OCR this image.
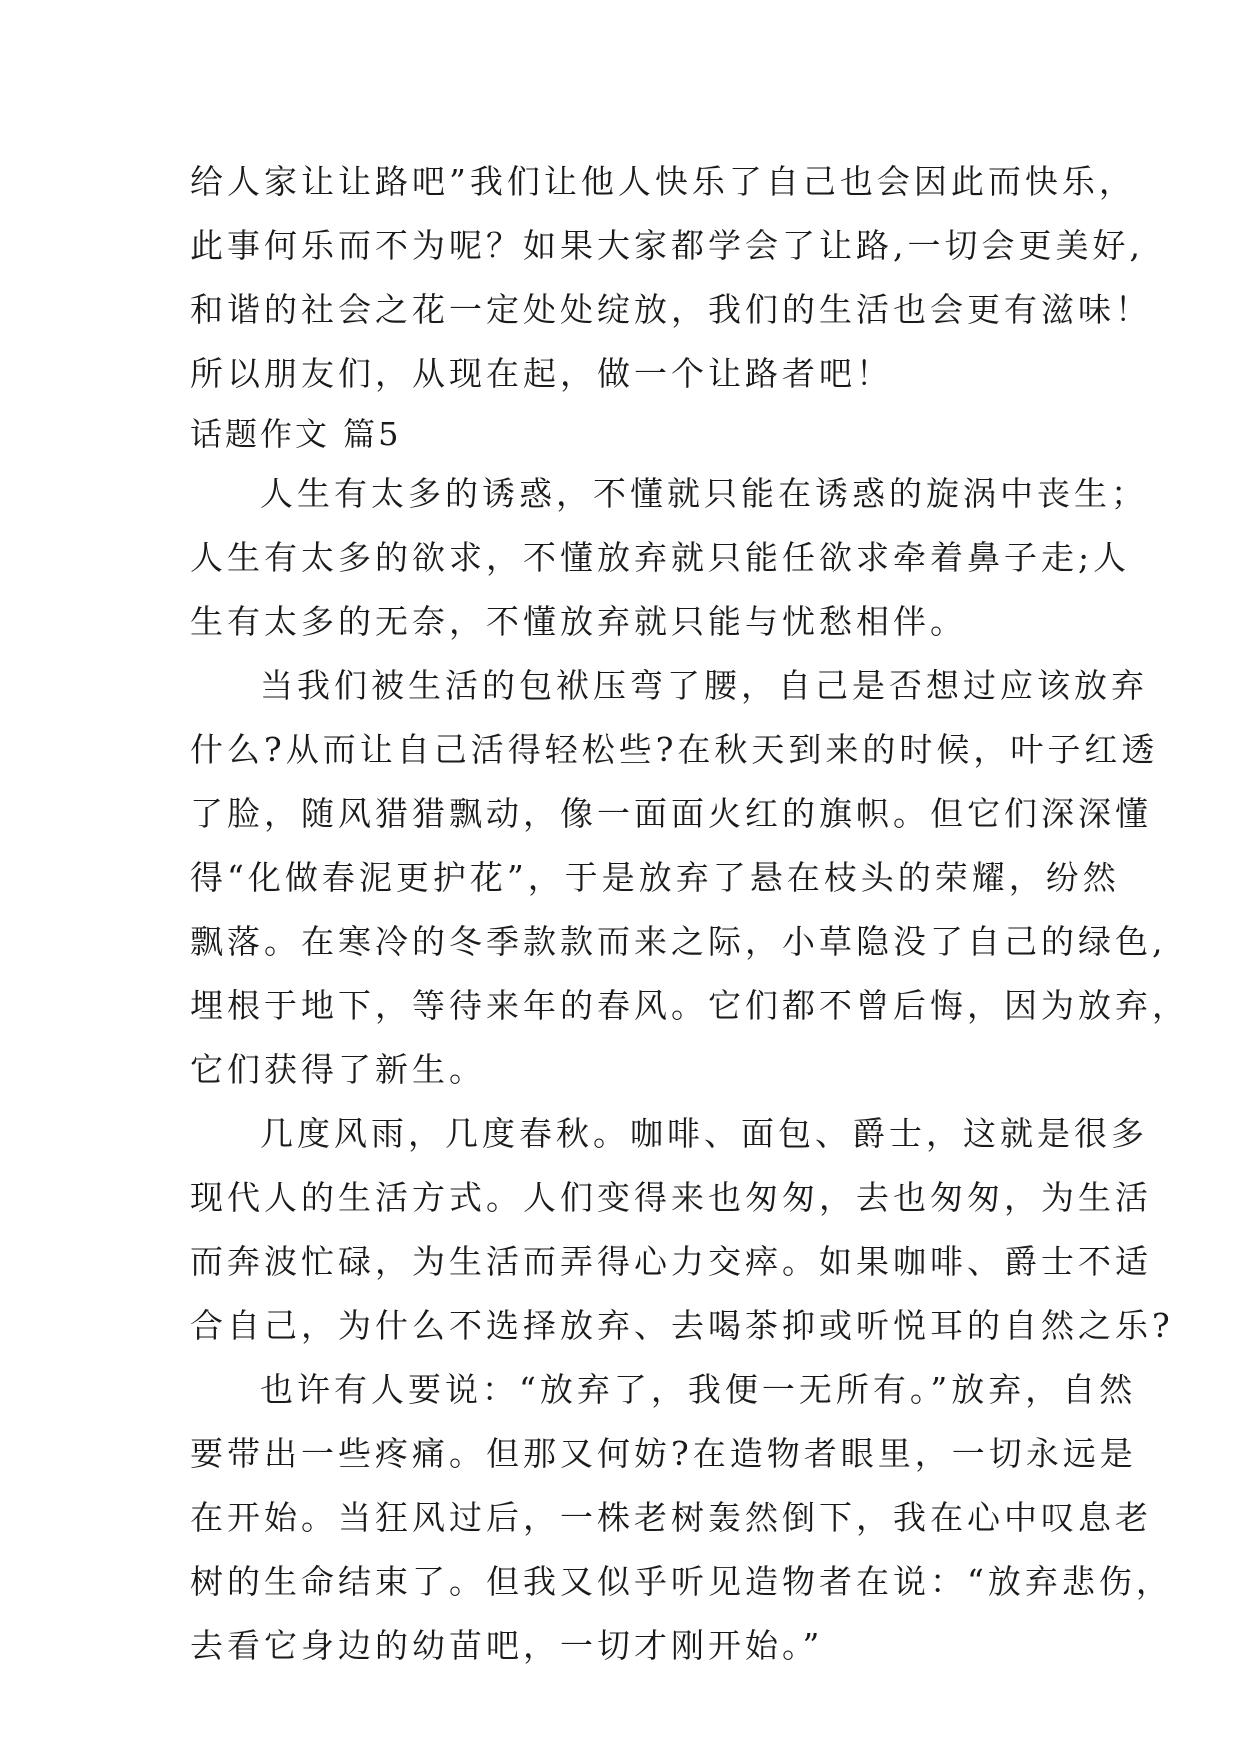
给人家让让路吧”我们让他人快乐了自己也会因此而快乐，
此事何乐而不为呢？如果大家都学会了让路,一切会更美好,
和谐的社会之花一定处处绽放，我们的生活也会更有滋味！
所以朋友们，从现在起，做一个让路者吧！
话题作文 篇5
人生有太多的诱惑，不懂就只能在诱惑的旋涡中丧生；
人生有太多的欲求，不懂放弃就只能任欲求牵着鼻子走;人
生有太多的无奈，不懂放弃就只能与忧愁相伴。
当我们被生活的包袱压弯了腰，自己是否想过应该放弃
什么?从而让自己活得轻松些?在秋天到来的时候，叶子红透
了脸，随风猎猎飘动，像一面面火红的旗帜。但它们深深懂
得“化做春泥更护花”，于是放弃了悬在枝头的荣耀，纷然
飘落。在寒冷的冬季款款而来之际，小草隐没了自己的绿色,
埋根于地下，等待来年的春风。它们都不曾后悔，因为放弃，
它们获得了新生。
几度风雨，几度春秋。咖啡、面包、爵士，这就是很多
现代人的生活方式。人们变得来也匆匆，去也匆匆，为生活
而奔波忙碌，为生活而弄得心力交瘁。如果咖啡、爵士不适
合自己，为什么不选择放弃、去喝茶抑或听悦耳的自然之乐?
也许有人要说：“放弃了，我便一无所有。”放弃，自然
要带出一些疼痛。但那又何妨?在造物者眼里，一切永远是
在开始。当狂风过后，一株老树轰然倒下，我在心中叹息老
树的生命结束了。但我又似乎听见造物者在说：“放弃悲伤，
去看它身边的幼苗吧，一切才刚开始。”
